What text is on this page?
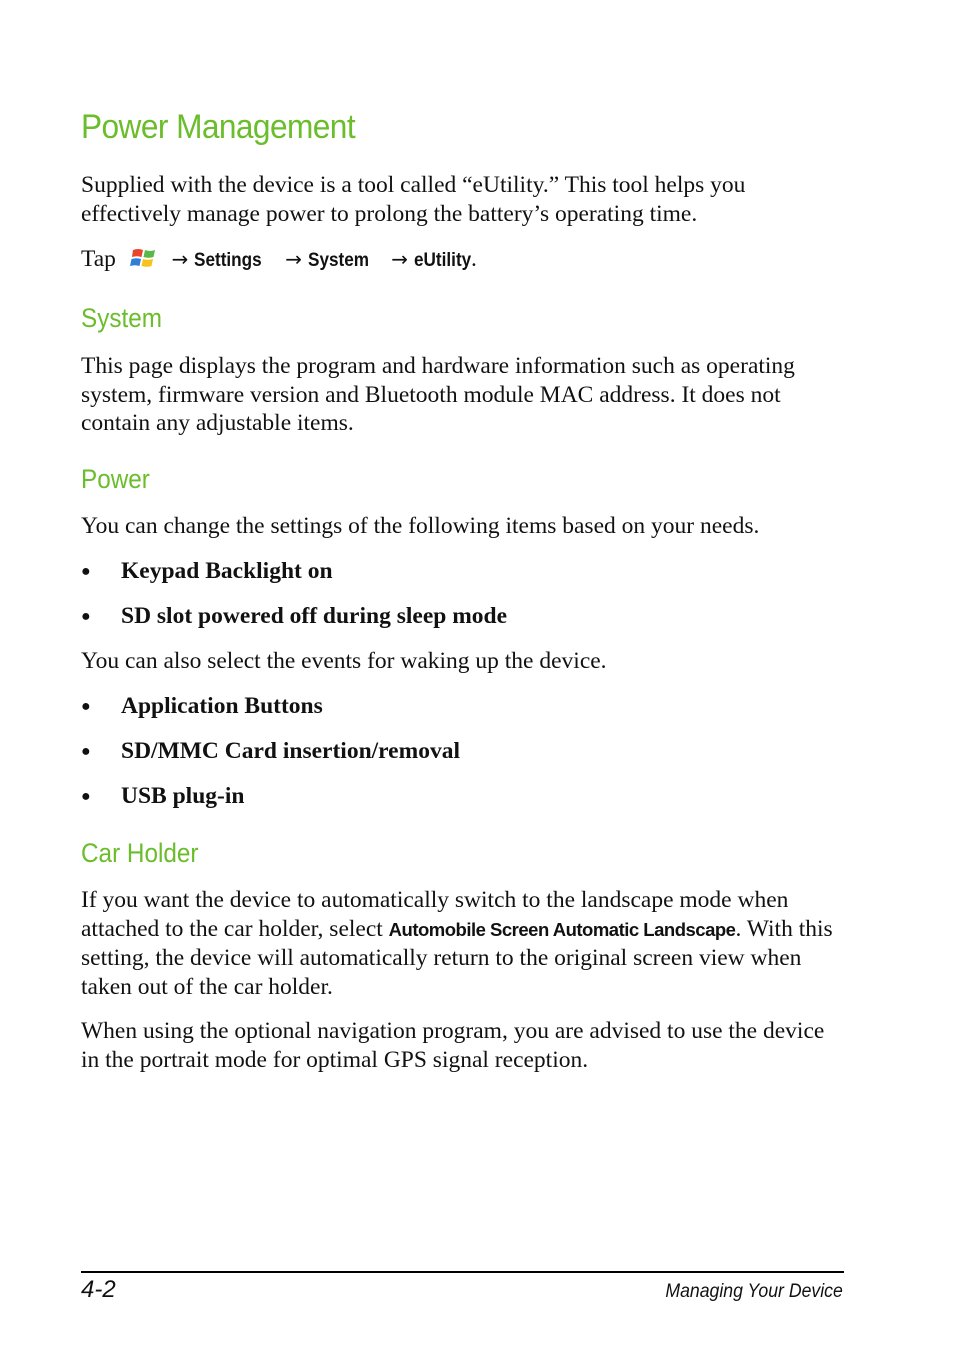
Power Management
Supplied with the device is a tool called “eUtility.” This tool helps you effectively manage power to prolong the battery’s operating time.
Tap	→ Settings → System → eUtility.
System
This page displays the program and hardware information such as operating system, firmware version and Bluetooth module MAC address. It does not contain any adjustable items.
Power
You can change the settings of the following items based on your needs.
● Keypad Backlight on
● SD slot powered off during sleep mode
You can also select the events for waking up the device.
● Application Buttons
● SD/MMC Card insertion/removal
● USB plug-in
Car Holder
If you want the device to automatically switch to the landscape mode when attached to the car holder, select Automobile Screen Automatic Landscape. With this setting, the device will automatically return to the original screen view when taken out of the car holder.
When using the optional navigation program, you are advised to use the device in the portrait mode for optimal GPS signal reception.
4-2	Managing Your Device
